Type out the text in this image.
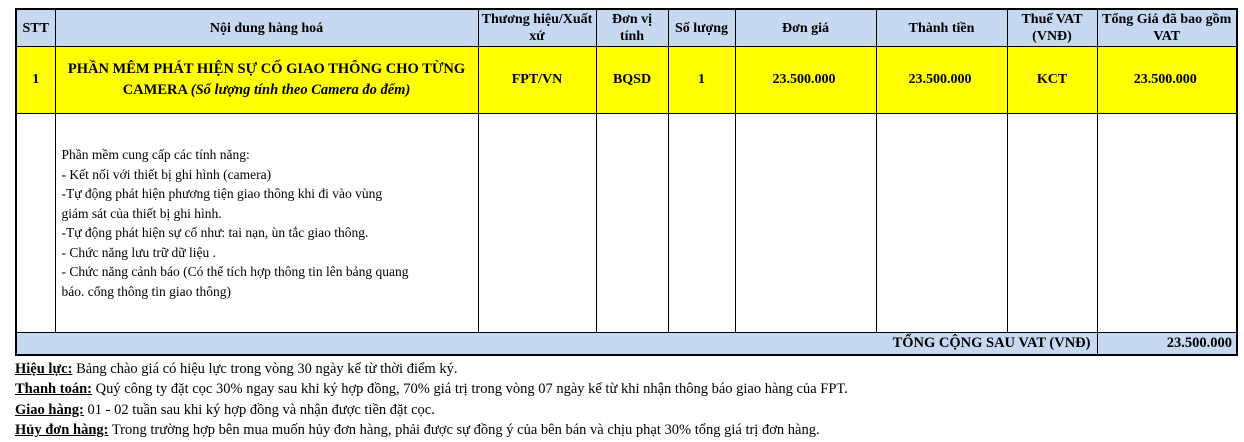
STT	Nội dung hàng hoá	Thương hiệu/Xuất xứ	Đơn vị tính	Số lượng	Đơn giá	Thành tiền	Thuế VAT (VNĐ)	Tổng Giá đã bao gồm VAT
1	PHẦN MÊM PHÁT HIỆN SỰ CỐ GIAO THÔNG CHO TỪNG CAMERA (Số lượng tính theo Camera đo đếm)	FPT/VN	BQSD	1	23.500.000	23.500.000	KCT	23.500.000

Phần mềm cung cấp các tính năng:
- Kết nối với thiết bị ghi hình (camera)
-Tự động phát hiện phương tiện giao thông khi đi vào vùng
giám sát của thiết bị ghi hình.
-Tự động phát hiện sự cố như: tai nạn, ùn tắc giao thông.
- Chức năng lưu trữ dữ liệu .
- Chức năng cảnh báo (Có thể tích hợp thông tin lên bảng quang
báo. cổng thông tin giao thông)

TỔNG CỘNG SAU VAT (VNĐ)								23.500.000
Hiệu lực: Bảng chào giá có hiệu lực trong vòng 30 ngày kể từ thời điểm ký.
Thanh toán: Quý công ty đặt cọc 30% ngay sau khi ký hợp đồng, 70% giá trị trong vòng 07 ngày kể từ khi nhận thông báo giao hàng của FPT.
Giao hàng: 01 - 02 tuần sau khi ký hợp đồng và nhận được tiền đặt cọc.
Hủy đơn hàng: Trong trường hợp bên mua muốn hủy đơn hàng, phải được sự đồng ý của bên bán và chịu phạt 30% tổng giá trị đơn hàng.
